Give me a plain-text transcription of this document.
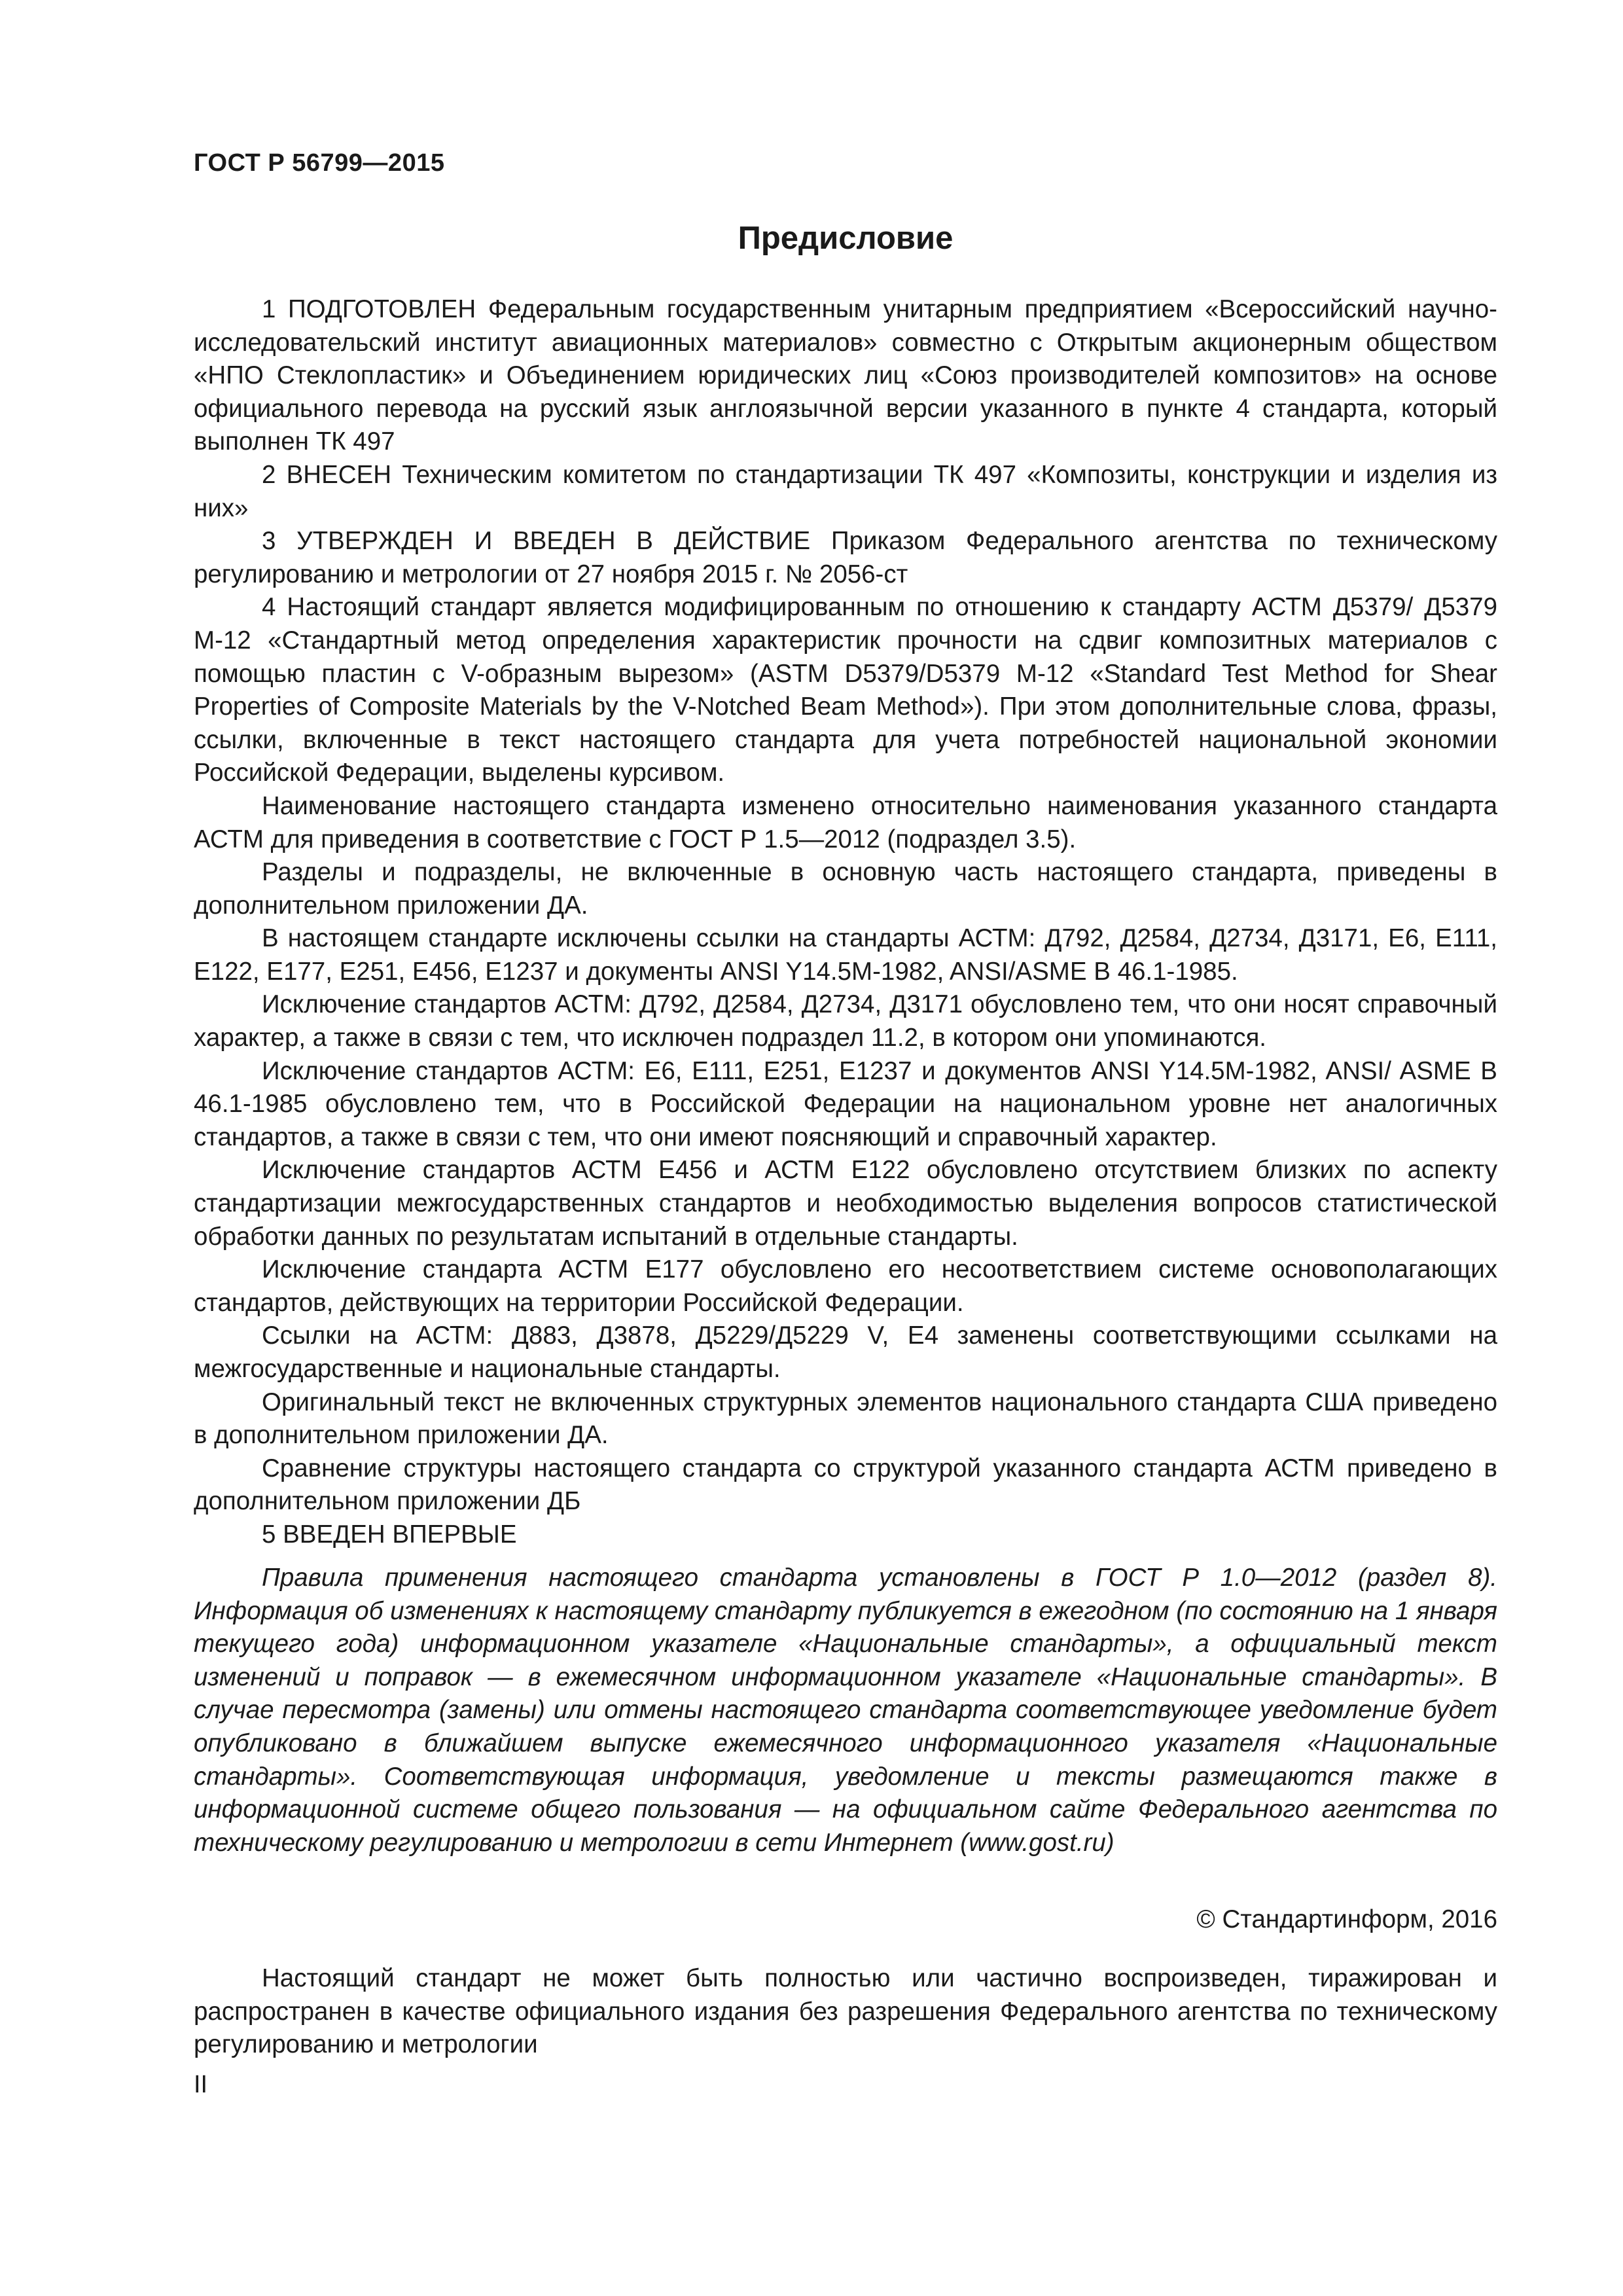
ГОСТ Р 56799—2015
Предисловие

1 ПОДГОТОВЛЕН Федеральным государственным унитарным предприятием «Всероссийский научно-исследовательский институт авиационных материалов» совместно с Открытым акционерным обществом «НПО Стеклопластик» и Объединением юридических лиц «Союз производителей композитов» на основе официального перевода на русский язык англоязычной версии указанного в пункте 4 стандарта, который выполнен ТК 497

2 ВНЕСЕН Техническим комитетом по стандартизации ТК 497 «Композиты, конструкции и изделия из них»

3 УТВЕРЖДЕН И ВВЕДЕН В ДЕЙСТВИЕ Приказом Федерального агентства по техническому регулированию и метрологии от 27 ноября 2015 г. № 2056-ст

4 Настоящий стандарт является модифицированным по отношению к стандарту АСТМ Д5379/ Д5379 М-12 «Стандартный метод определения характеристик прочности на сдвиг композитных материалов с помощью пластин с V-образным вырезом» (ASTM D5379/D5379 M-12 «Standard Test Method for Shear Properties of Composite Materials by the V-Notched Beam Method»). При этом дополнительные слова, фразы, ссылки, включенные в текст настоящего стандарта для учета потребностей национальной экономии Российской Федерации, выделены курсивом.

Наименование настоящего стандарта изменено относительно наименования указанного стандарта АСТМ для приведения в соответствие с ГОСТ Р 1.5—2012 (подраздел 3.5).

Разделы и подразделы, не включенные в основную часть настоящего стандарта, приведены в дополнительном приложении ДА.

В настоящем стандарте исключены ссылки на стандарты АСТМ: Д792, Д2584, Д2734, Д3171, Е6, Е111, Е122, Е177, Е251, Е456, Е1237 и документы ANSI Y14.5M-1982, ANSI/ASME B 46.1-1985.

Исключение стандартов АСТМ: Д792, Д2584, Д2734, Д3171 обусловлено тем, что они носят справочный характер, а также в связи с тем, что исключен подраздел 11.2, в котором они упоминаются.

Исключение стандартов АСТМ: Е6, Е111, Е251, Е1237 и документов ANSI Y14.5M-1982, ANSI/ ASME B 46.1-1985 обусловлено тем, что в Российской Федерации на национальном уровне нет аналогичных стандартов, а также в связи с тем, что они имеют поясняющий и справочный характер.

Исключение стандартов АСТМ Е456 и АСТМ Е122 обусловлено отсутствием близких по аспекту стандартизации межгосударственных стандартов и необходимостью выделения вопросов статистической обработки данных по результатам испытаний в отдельные стандарты.

Исключение стандарта АСТМ Е177 обусловлено его несоответствием системе основополагающих стандартов, действующих на территории Российской Федерации.

Ссылки на АСТМ: Д883, Д3878, Д5229/Д5229 V, Е4 заменены соответствующими ссылками на межгосударственные и национальные стандарты.

Оригинальный текст не включенных структурных элементов национального стандарта США приведено в дополнительном приложении ДА.

Сравнение структуры настоящего стандарта со структурой указанного стандарта АСТМ приведено в дополнительном приложении ДБ

5 ВВЕДЕН ВПЕРВЫЕ

Правила применения настоящего стандарта установлены в ГОСТ Р 1.0—2012 (раздел 8). Информация об изменениях к настоящему стандарту публикуется в ежегодном (по состоянию на 1 января текущего года) информационном указателе «Национальные стандарты», а официальный текст изменений и поправок — в ежемесячном информационном указателе «Национальные стандарты». В случае пересмотра (замены) или отмены настоящего стандарта соответствующее уведомление будет опубликовано в ближайшем выпуске ежемесячного информационного указателя «Национальные стандарты». Соответствующая информация, уведомление и тексты размещаются также в информационной системе общего пользования — на официальном сайте Федерального агентства по техническому регулированию и метрологии в сети Интернет (www.gost.ru)

© Стандартинформ, 2016

Настоящий стандарт не может быть полностью или частично воспроизведен, тиражирован и распространен в качестве официального издания без разрешения Федерального агентства по техническому регулированию и метрологии

II
